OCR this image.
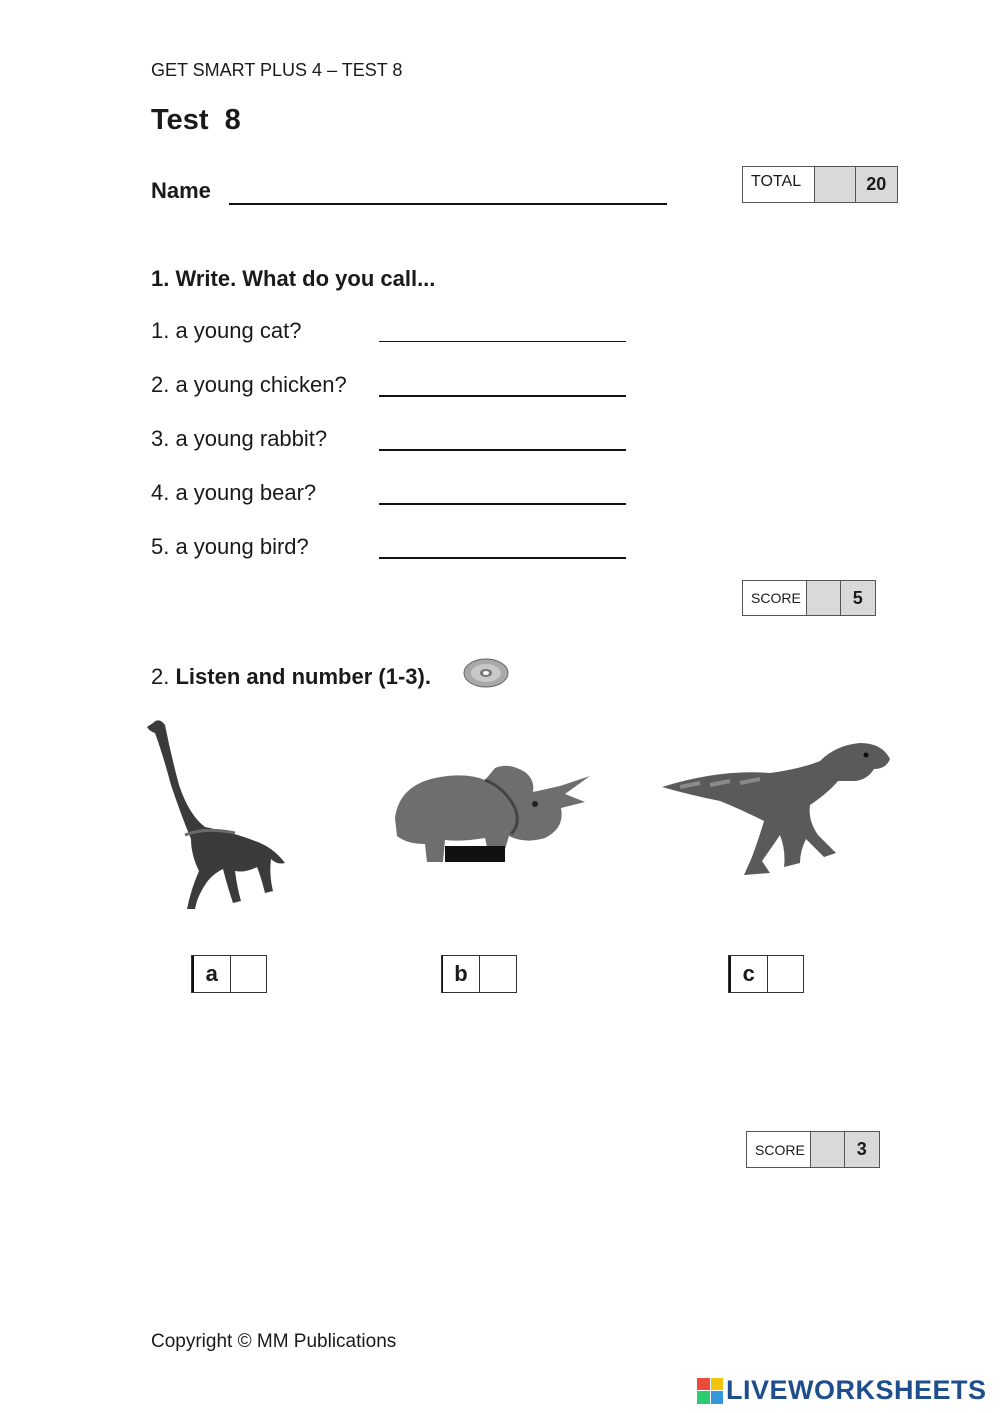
GET SMART PLUS 4 – TEST 8
Test  8
Name	TOTAL	20
1. Write. What do you call...
1. a young cat?
2. a young chicken?
3. a young rabbit?
4. a young bear?
5. a young bird?
SCORE	5
2. Listen and number (1-3).
a	b	c
SCORE	3
Copyright © MM Publications
LIVEWORKSHEETS
